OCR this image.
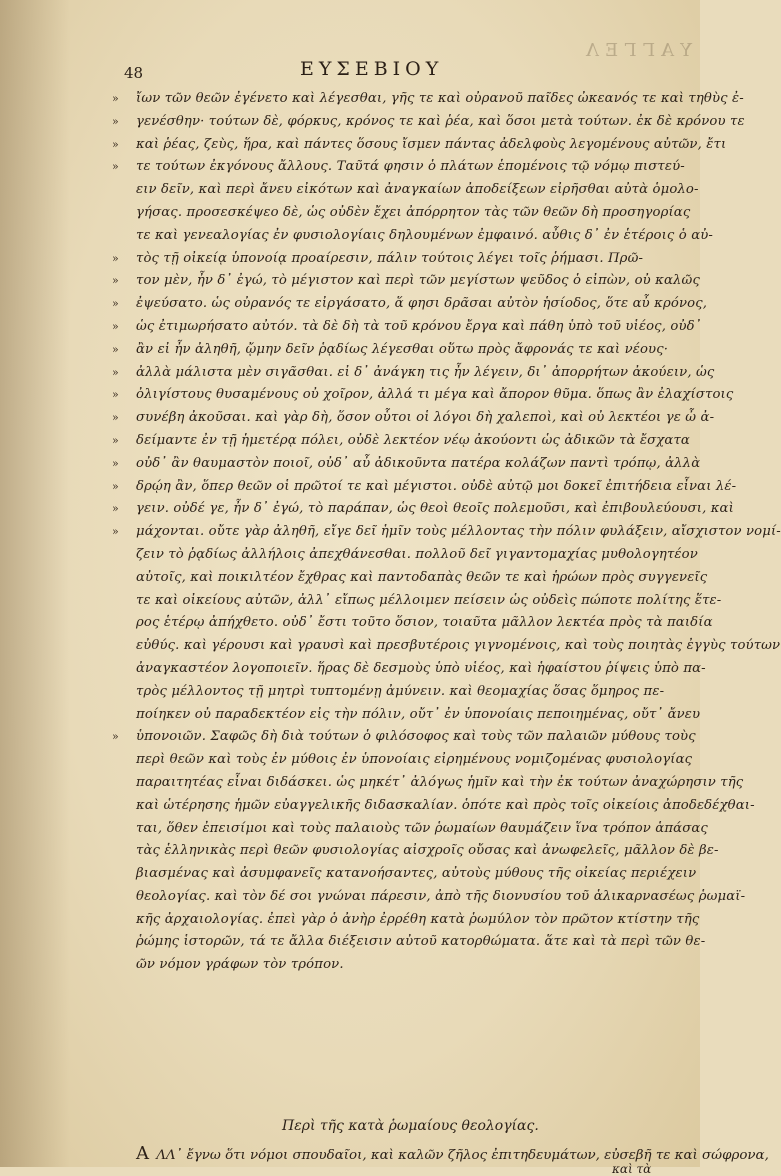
ΥΑΓΓΕΛ
48	ΕΥΣΕΒΙΟΥ
»	ἴων τῶν θεῶν ἐγένετο καὶ λέγεσθαι, γῆς τε καὶ οὐρανοῦ παῖδες ὠκεανός τε καὶ τηθὺς ἐ-
»	γενέσθην· τούτων δὲ, φόρκυς, κρόνος τε καὶ ῥέα, καὶ ὅσοι μετὰ τούτων. ἐκ δὲ κρόνου τε
»	καὶ ῥέας, ζεὺς, ἥρα, καὶ πάντες ὅσους ἴσμεν πάντας ἀδελφοὺς λεγομένους αὐτῶν, ἔτι
»	τε τούτων ἐκγόνους ἄλλους. Ταῦτά φησιν ὁ πλάτων ἑπομένοις τῷ νόμῳ πιστεύ-
ειν δεῖν, καὶ περὶ ἄνευ εἰκότων καὶ ἀναγκαίων ἀποδείξεων εἰρῆσθαι αὐτὰ ὁμολο-
γήσας. προσεσκέψεο δὲ, ὡς οὐδὲν ἔχει ἀπόρρητον τὰς τῶν θεῶν δὴ προσηγορίας
τε καὶ γενεαλογίας ἐν φυσιολογίαις δηλουμένων ἐμφαινό. αὖθις δ᾽ ἐν ἑτέροις ὁ αὐ-
»	τὸς τῇ οἰκείᾳ ὑπονοίᾳ προαίρεσιν, πάλιν τούτοις λέγει τοῖς ῥήμασι. Πρῶ-
»	τον μὲν, ἦν δ᾽ ἐγώ, τὸ μέγιστον καὶ περὶ τῶν μεγίστων ψεῦδος ὁ εἰπὼν, οὐ καλῶς
»	ἐψεύσατο. ὡς οὐρανός τε εἰργάσατο, ἅ φησι δρᾶσαι αὐτὸν ἡσίοδος, ὅτε αὖ κρόνος,
»	ὡς ἐτιμωρήσατο αὐτόν. τὰ δὲ δὴ τὰ τοῦ κρόνου ἔργα καὶ πάθη ὑπὸ τοῦ υἱέος, οὐδ᾽
»	ἂν εἰ ἦν ἀληθῆ, ᾤμην δεῖν ῥᾳδίως λέγεσθαι οὕτω πρὸς ἄφρονάς τε καὶ νέους·
»	ἀλλὰ μάλιστα μὲν σιγᾶσθαι. εἰ δ᾽ ἀνάγκη τις ἦν λέγειν, δι᾽ ἀπορρήτων ἀκούειν, ὡς
»	ὀλιγίστους θυσαμένους οὐ χοῖρον, ἀλλά τι μέγα καὶ ἄπορον θῦμα. ὅπως ἂν ἐλαχίστοις
»	συνέβη ἀκοῦσαι. καὶ γὰρ δὴ, ὅσον οὗτοι οἱ λόγοι δὴ χαλεποὶ, καὶ οὐ λεκτέοι γε ὦ ἀ-
»	δείμαντε ἐν τῇ ἡμετέρᾳ πόλει, οὐδὲ λεκτέον νέῳ ἀκούοντι ὡς ἀδικῶν τὰ ἔσχατα
»	οὐδ᾽ ἂν θαυμαστὸν ποιοῖ, οὐδ᾽ αὖ ἀδικοῦντα πατέρα κολάζων παντὶ τρόπῳ, ἀλλὰ
»	δρῴη ἂν, ὅπερ θεῶν οἱ πρῶτοί τε καὶ μέγιστοι. οὐδὲ αὐτῷ μοι δοκεῖ ἐπιτήδεια εἶναι λέ-
»	γειν. οὐδέ γε, ἦν δ᾽ ἐγώ, τὸ παράπαν, ὡς θεοὶ θεοῖς πολεμοῦσι, καὶ ἐπιβουλεύουσι, καὶ
»	μάχονται. οὔτε γὰρ ἀληθῆ, εἴγε δεῖ ἡμῖν τοὺς μέλλοντας τὴν πόλιν φυλάξειν, αἴσχιστον νομί-
ζειν τὸ ῥᾳδίως ἀλλήλοις ἀπεχθάνεσθαι. πολλοῦ δεῖ γιγαντομαχίας μυθολογητέον
αὐτοῖς, καὶ ποικιλτέον ἔχθρας καὶ παντοδαπὰς θεῶν τε καὶ ἡρώων πρὸς συγγενεῖς
τε καὶ οἰκείους αὐτῶν, ἀλλ᾽ εἴπως μέλλοιμεν πείσειν ὡς οὐδεὶς πώποτε πολίτης ἕτε-
ρος ἑτέρῳ ἀπήχθετο. οὐδ᾽ ἔστι τοῦτο ὅσιον, τοιαῦτα μᾶλλον λεκτέα πρὸς τὰ παιδία
εὐθύς. καὶ γέρουσι καὶ γραυσὶ καὶ πρεσβυτέροις γιγνομένοις, καὶ τοὺς ποιητὰς ἐγγὺς τούτων
ἀναγκαστέον λογοποιεῖν. ἥρας δὲ δεσμοὺς ὑπὸ υἱέος, καὶ ἡφαίστου ῥίψεις ὑπὸ πα-
τρὸς μέλλοντος τῇ μητρὶ τυπτομένῃ ἀμύνειν. καὶ θεομαχίας ὅσας ὅμηρος πε-
ποίηκεν οὐ παραδεκτέον εἰς τὴν πόλιν, οὔτ᾽ ἐν ὑπονοίαις πεποιημένας, οὔτ᾽ ἄνευ
»	ὑπονοιῶν. Σαφῶς δὴ διὰ τούτων ὁ φιλόσοφος καὶ τοὺς τῶν παλαιῶν μύθους τοὺς
περὶ θεῶν καὶ τοὺς ἐν μύθοις ἐν ὑπονοίαις εἰρημένους νομιζομένας φυσιολογίας
παραιτητέας εἶναι διδάσκει. ὡς μηκέτ᾽ ἀλόγως ἡμῖν καὶ τὴν ἐκ τούτων ἀναχώρησιν τῆς
καὶ ὡτέρησης ἡμῶν εὐαγγελικῆς διδασκαλίαν. ὁπότε καὶ πρὸς τοῖς οἰκείοις ἀποδεδέχθαι-
ται, ὅθεν ἐπεισίμοι καὶ τοὺς παλαιοὺς τῶν ῥωμαίων θαυμάζειν ἵνα τρόπον ἁπάσας
τὰς ἑλληνικὰς περὶ θεῶν φυσιολογίας αἰσχροῖς οὔσας καὶ ἀνωφελεῖς, μᾶλλον δὲ βε-
βιασμένας καὶ ἀσυμφανεῖς κατανοήσαντες, αὐτοὺς μύθους τῆς οἰκείας περιέχειν
θεολογίας. καὶ τὸν δέ σοι γνώναι πάρεσιν, ἀπὸ τῆς διονυσίου τοῦ ἁλικαρνασέως ῥωμαϊ-
κῆς ἀρχαιολογίας. ἐπεὶ γὰρ ὁ ἀνὴρ ἐρρέθη κατὰ ῥωμύλον τὸν πρῶτον κτίστην τῆς
ῥώμης ἱστορῶν, τά τε ἄλλα διέξεισιν αὐτοῦ κατορθώματα. ἅτε καὶ τὰ περὶ τῶν θε-
ῶν νόμον γράφων τὸν τρόπον.
Περὶ τῆς κατὰ ῥωμαίους θεολογίας.
Α ΛΛ᾽ ἔγνω ὅτι νόμοι σπουδαῖοι, καὶ καλῶν ζῆλος ἐπιτηδευμάτων, εὐσεβῆ τε καὶ σώφρονα,
καὶ τὰ
